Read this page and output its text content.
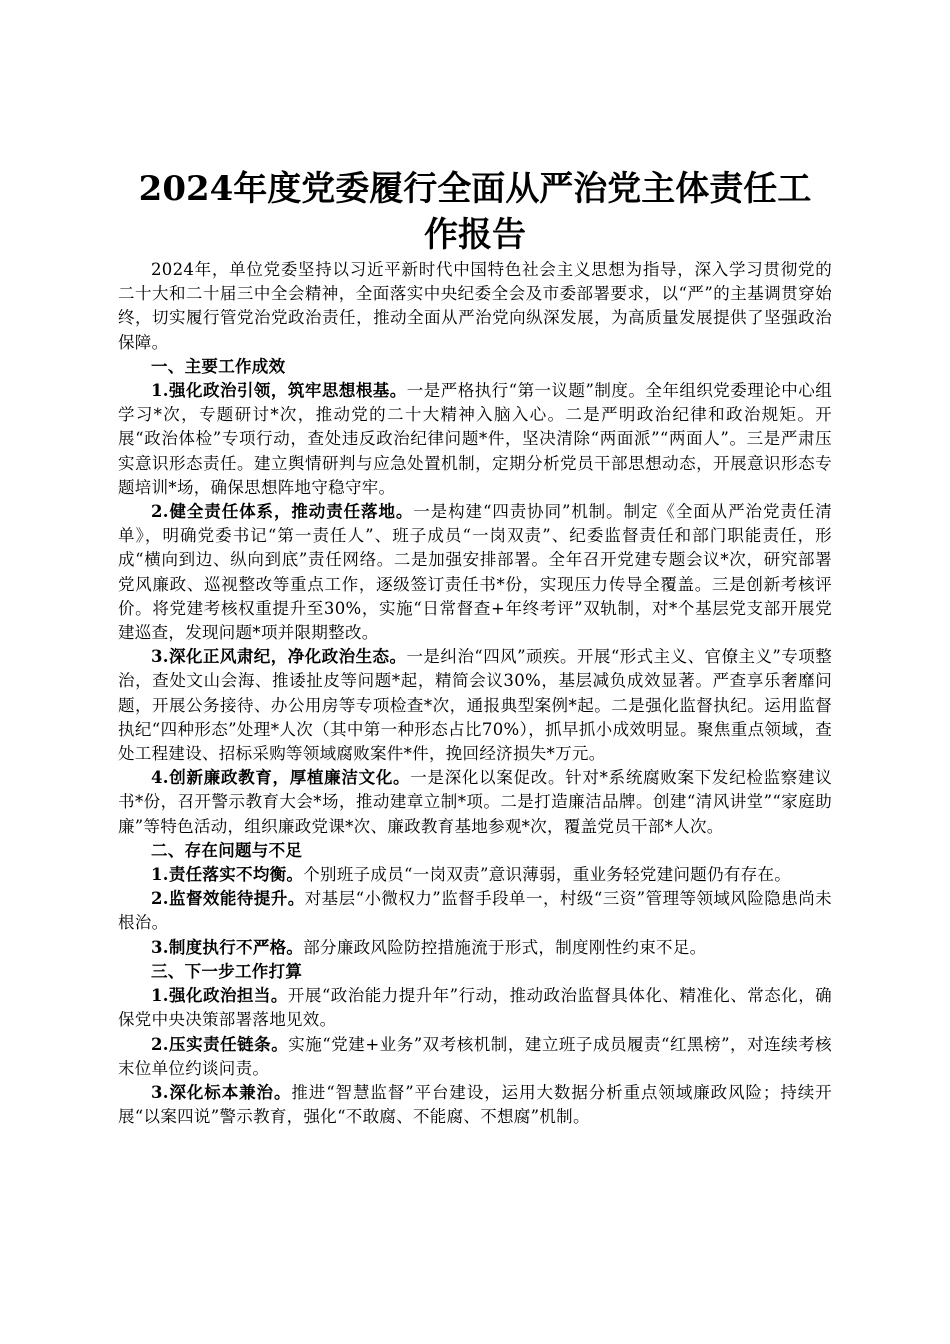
2024年度党委履行全面从严治党主体责任工
作报告

2024年，单位党委坚持以习近平新时代中国特色社会主义思想为指导，深入学习贯彻党的二十大和二十届三中全会精神，全面落实中央纪委全会及市委部署要求，以“严”的主基调贯穿始终，切实履行管党治党政治责任，推动全面从严治党向纵深发展，为高质量发展提供了坚强政治保障。

一、主要工作成效

1.强化政治引领，筑牢思想根基。一是严格执行“第一议题”制度。全年组织党委理论中心组学习*次，专题研讨*次，推动党的二十大精神入脑入心。二是严明政治纪律和政治规矩。开展“政治体检”专项行动，查处违反政治纪律问题*件，坚决清除“两面派”“两面人”。三是严肃压实意识形态责任。建立舆情研判与应急处置机制，定期分析党员干部思想动态，开展意识形态专题培训*场，确保思想阵地守稳守牢。

2.健全责任体系，推动责任落地。一是构建“四责协同”机制。制定《全面从严治党责任清单》，明确党委书记“第一责任人”、班子成员“一岗双责”、纪委监督责任和部门职能责任，形成“横向到边、纵向到底”责任网络。二是加强安排部署。全年召开党建专题会议*次，研究部署党风廉政、巡视整改等重点工作，逐级签订责任书*份，实现压力传导全覆盖。三是创新考核评价。将党建考核权重提升至30%，实施“日常督查+年终考评”双轨制，对*个基层党支部开展党建巡查，发现问题*项并限期整改。

3.深化正风肃纪，净化政治生态。一是纠治“四风”顽疾。开展“形式主义、官僚主义”专项整治，查处文山会海、推诿扯皮等问题*起，精简会议30%，基层减负成效显著。严查享乐奢靡问题，开展公务接待、办公用房等专项检查*次，通报典型案例*起。二是强化监督执纪。运用监督执纪“四种形态”处理*人次（其中第一种形态占比70%），抓早抓小成效明显。聚焦重点领域，查处工程建设、招标采购等领域腐败案件*件，挽回经济损失*万元。

4.创新廉政教育，厚植廉洁文化。一是深化以案促改。针对*系统腐败案下发纪检监察建议书*份，召开警示教育大会*场，推动建章立制*项。二是打造廉洁品牌。创建“清风讲堂”“家庭助廉”等特色活动，组织廉政党课*次、廉政教育基地参观*次，覆盖党员干部*人次。

二、存在问题与不足

1.责任落实不均衡。个别班子成员“一岗双责”意识薄弱，重业务轻党建问题仍有存在。

2.监督效能待提升。对基层“小微权力”监督手段单一，村级“三资”管理等领域风险隐患尚未根治。

3.制度执行不严格。部分廉政风险防控措施流于形式，制度刚性约束不足。

三、下一步工作打算

1.强化政治担当。开展“政治能力提升年”行动，推动政治监督具体化、精准化、常态化，确保党中央决策部署落地见效。

2.压实责任链条。实施“党建+业务”双考核机制，建立班子成员履责“红黑榜”，对连续考核末位单位约谈问责。

3.深化标本兼治。推进“智慧监督”平台建设，运用大数据分析重点领域廉政风险；持续开展“以案四说”警示教育，强化“不敢腐、不能腐、不想腐”机制。
